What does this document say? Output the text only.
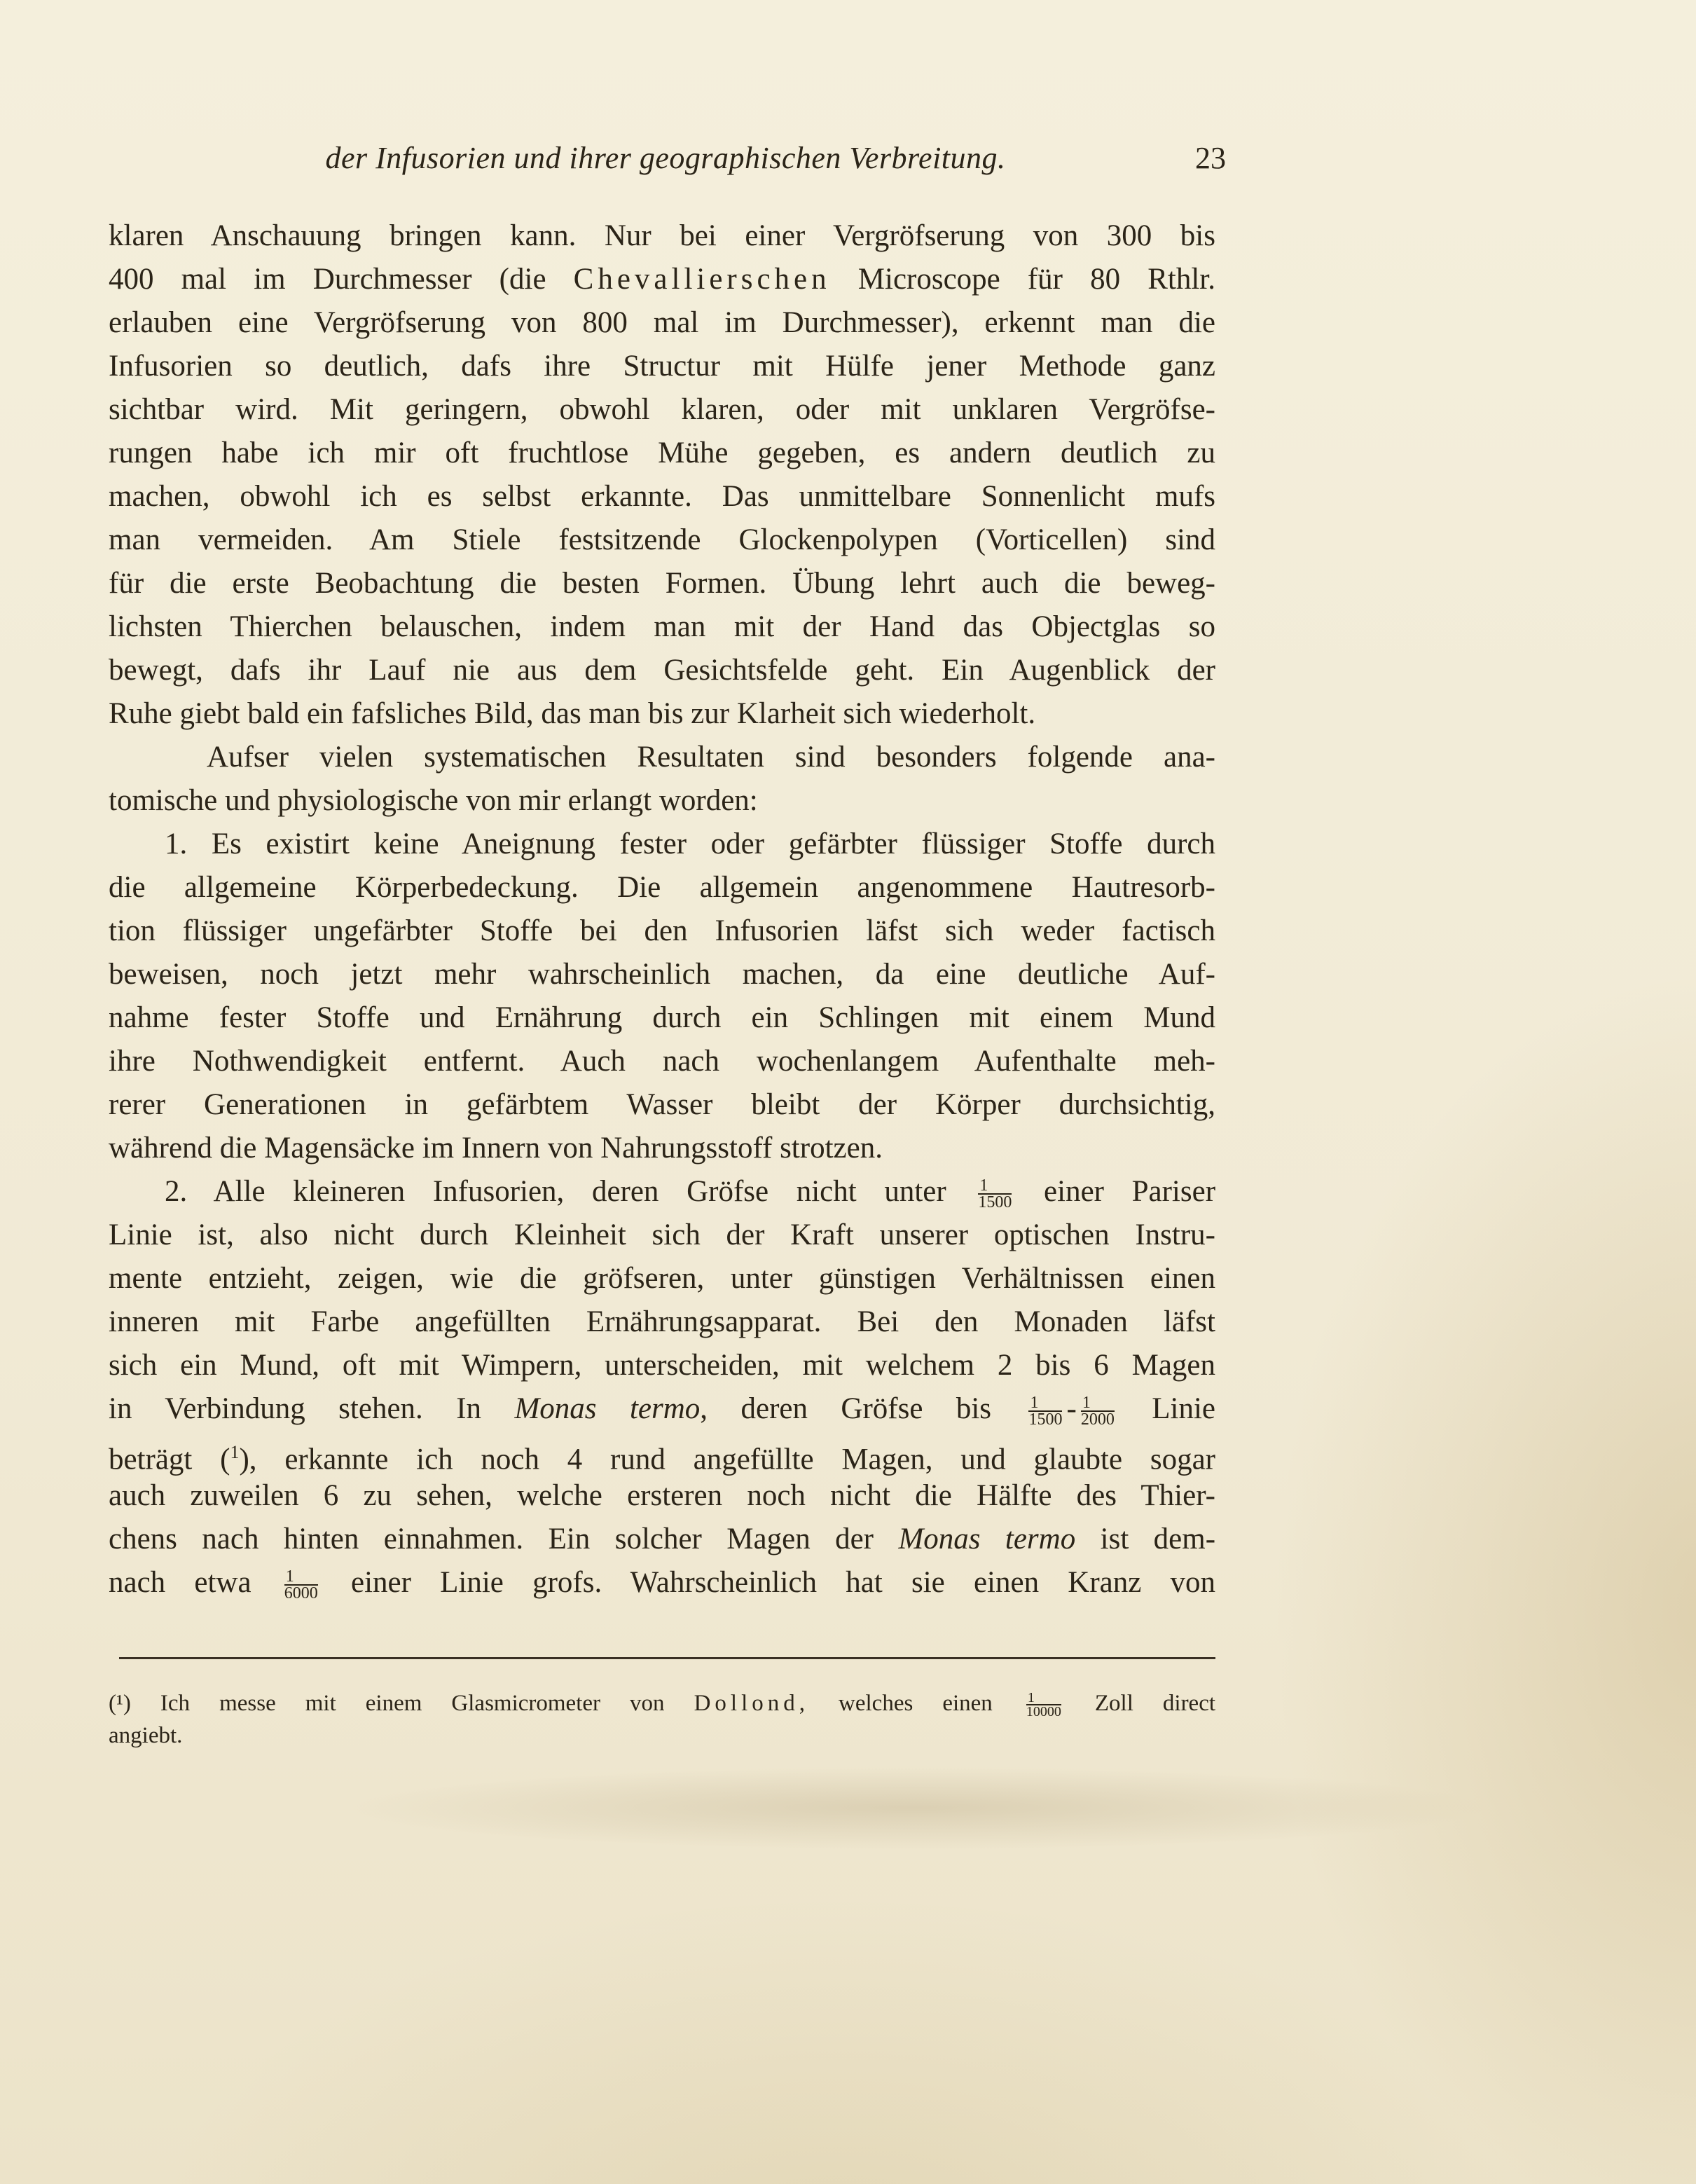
der Infusorien und ihrer geographischen Verbreitung.	23
klaren Anschauung bringen kann. Nur bei einer Vergröfserung von 300 bis
400 mal im Durchmesser (die Chevallierschen Microscope für 80 Rthlr.
erlauben eine Vergröfserung von 800 mal im Durchmesser), erkennt man die
Infusorien so deutlich, dafs ihre Structur mit Hülfe jener Methode ganz
sichtbar wird. Mit geringern, obwohl klaren, oder mit unklaren Vergröfse-
rungen habe ich mir oft fruchtlose Mühe gegeben, es andern deutlich zu
machen, obwohl ich es selbst erkannte. Das unmittelbare Sonnenlicht mufs
man vermeiden. Am Stiele festsitzende Glockenpolypen (Vorticellen) sind
für die erste Beobachtung die besten Formen. Übung lehrt auch die beweg-
lichsten Thierchen belauschen, indem man mit der Hand das Objectglas so
bewegt, dafs ihr Lauf nie aus dem Gesichtsfelde geht. Ein Augenblick der
Ruhe giebt bald ein fafsliches Bild, das man bis zur Klarheit sich wiederholt.
Aufser vielen systematischen Resultaten sind besonders folgende ana-
tomische und physiologische von mir erlangt worden:
1. Es existirt keine Aneignung fester oder gefärbter flüssiger Stoffe durch
die allgemeine Körperbedeckung. Die allgemein angenommene Hautresorb-
tion flüssiger ungefärbter Stoffe bei den Infusorien läfst sich weder factisch
beweisen, noch jetzt mehr wahrscheinlich machen, da eine deutliche Auf-
nahme fester Stoffe und Ernährung durch ein Schlingen mit einem Mund
ihre Nothwendigkeit entfernt. Auch nach wochenlangem Aufenthalte meh-
rerer Generationen in gefärbtem Wasser bleibt der Körper durchsichtig,
während die Magensäcke im Innern von Nahrungsstoff strotzen.
2. Alle kleineren Infusorien, deren Gröfse nicht unter $\frac{1}{1500}$ einer Pariser
Linie ist, also nicht durch Kleinheit sich der Kraft unserer optischen Instru-
mente entzieht, zeigen, wie die gröfseren, unter günstigen Verhältnissen einen
inneren mit Farbe angefüllten Ernährungsapparat. Bei den Monaden läfst
sich ein Mund, oft mit Wimpern, unterscheiden, mit welchem 2 bis 6 Magen
in Verbindung stehen. In Monas termo, deren Gröfse bis $\frac{1}{1500} - \frac{1}{2000}$ Linie
beträgt ($^1$), erkannte ich noch 4 rund angefüllte Magen, und glaubte sogar
auch zuweilen 6 zu sehen, welche ersteren noch nicht die Hälfte des Thier-
chens nach hinten einnahmen. Ein solcher Magen der Monas termo ist dem-
nach etwa $\frac{1}{6000}$ einer Linie grofs. Wahrscheinlich hat sie einen Kranz von
(¹) Ich messe mit einem Glasmicrometer von Dollond, welches einen $\frac{1}{10000}$ Zoll direct
angiebt.
